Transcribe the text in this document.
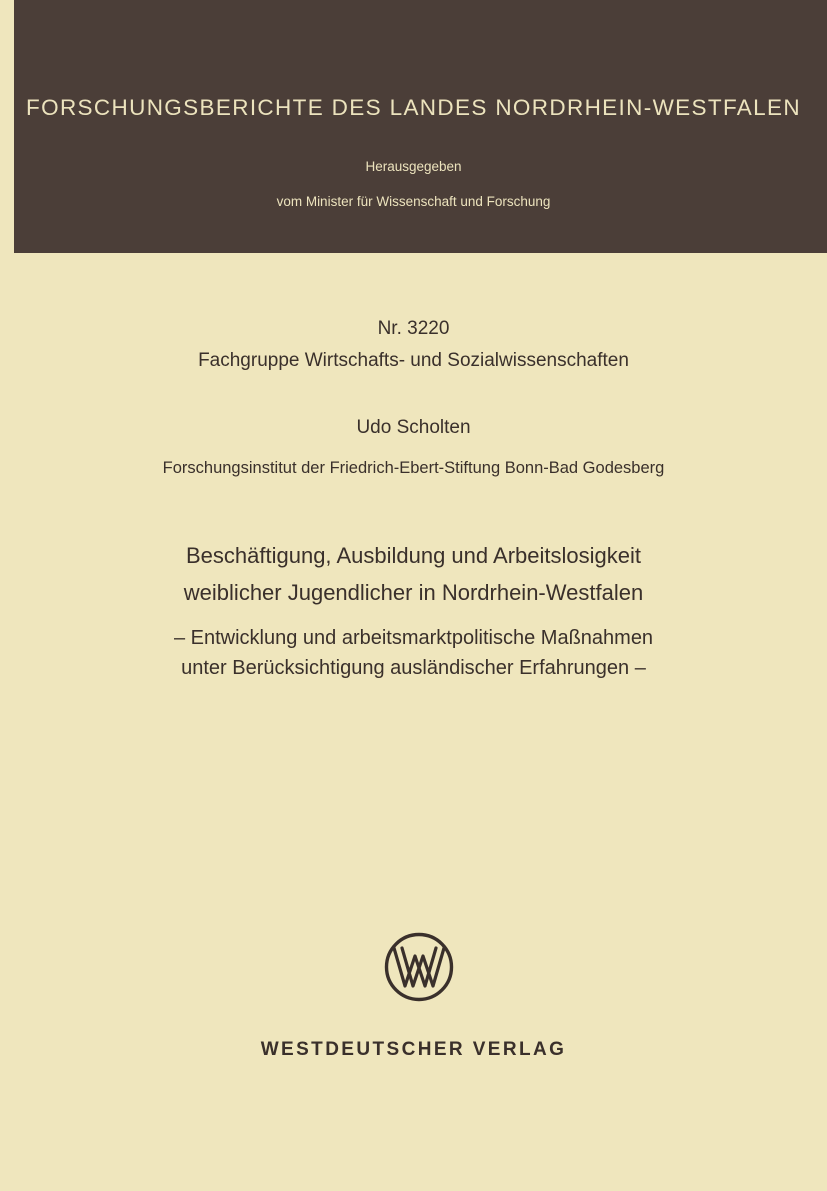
FORSCHUNGSBERICHTE DES LANDES NORDRHEIN-WESTFALEN
Herausgegeben
vom Minister für Wissenschaft und Forschung
Nr. 3220
Fachgruppe Wirtschafts- und Sozialwissenschaften
Udo Scholten
Forschungsinstitut der Friedrich-Ebert-Stiftung Bonn-Bad Godesberg
Beschäftigung, Ausbildung und Arbeitslosigkeit
weiblicher Jugendlicher in Nordrhein-Westfalen
– Entwicklung und arbeitsmarktpolitische Maßnahmen
unter Berücksichtigung ausländischer Erfahrungen –
WESTDEUTSCHER VERLAG
